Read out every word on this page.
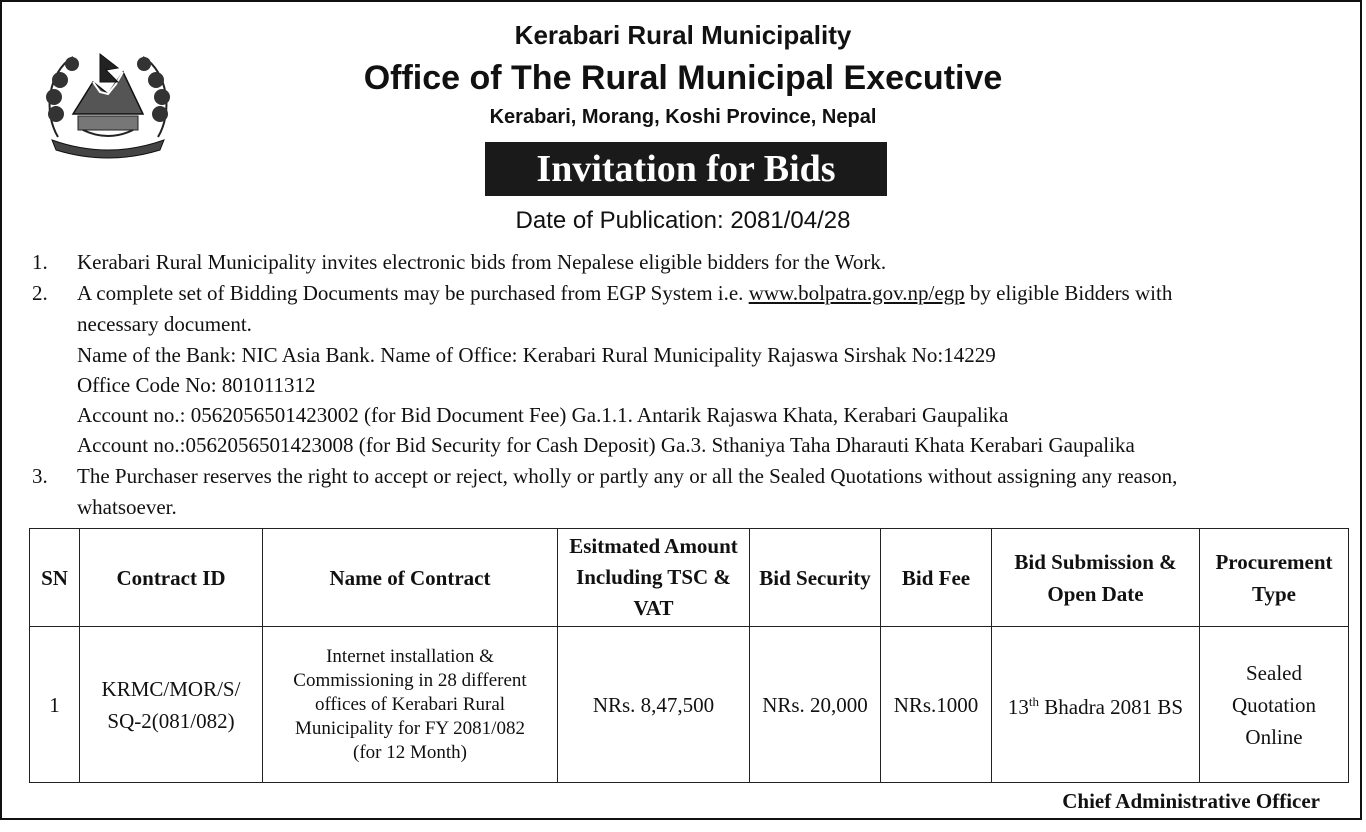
Kerabari Rural Municipality
Office of The Rural Municipal Executive
Kerabari, Morang, Koshi Province, Nepal
Invitation for Bids
Date of Publication: 2081/04/28
1. Kerabari Rural Municipality invites electronic bids from Nepalese eligible bidders for the Work.
2. A complete set of Bidding Documents may be purchased from EGP System i.e. www.bolpatra.gov.np/egp by eligible Bidders with
necessary document.
Name of the Bank: NIC Asia Bank. Name of Office: Kerabari Rural Municipality Rajaswa Sirshak No:14229
Office Code No: 801011312
Account no.: 0562056501423002 (for Bid Document Fee) Ga.1.1. Antarik Rajaswa Khata, Kerabari Gaupalika
Account no.:0562056501423008 (for Bid Security for Cash Deposit) Ga.3. Sthaniya Taha Dharauti Khata Kerabari Gaupalika
3. The Purchaser reserves the right to accept or reject, wholly or partly any or all the Sealed Quotations without assigning any reason,
whatsoever.
SN	Contract ID	Name of Contract	Esitmated Amount Including TSC & VAT	Bid Security	Bid Fee	Bid Submission & Open Date	Procurement Type
1	KRMC/MOR/S/ SQ-2(081/082)	Internet installation & Commissioning in 28 different offices of Kerabari Rural Municipality for FY 2081/082 (for 12 Month)	NRs. 8,47,500	NRs. 20,000	NRs.1000	13th Bhadra 2081 BS	Sealed Quotation Online
Chief Administrative Officer
